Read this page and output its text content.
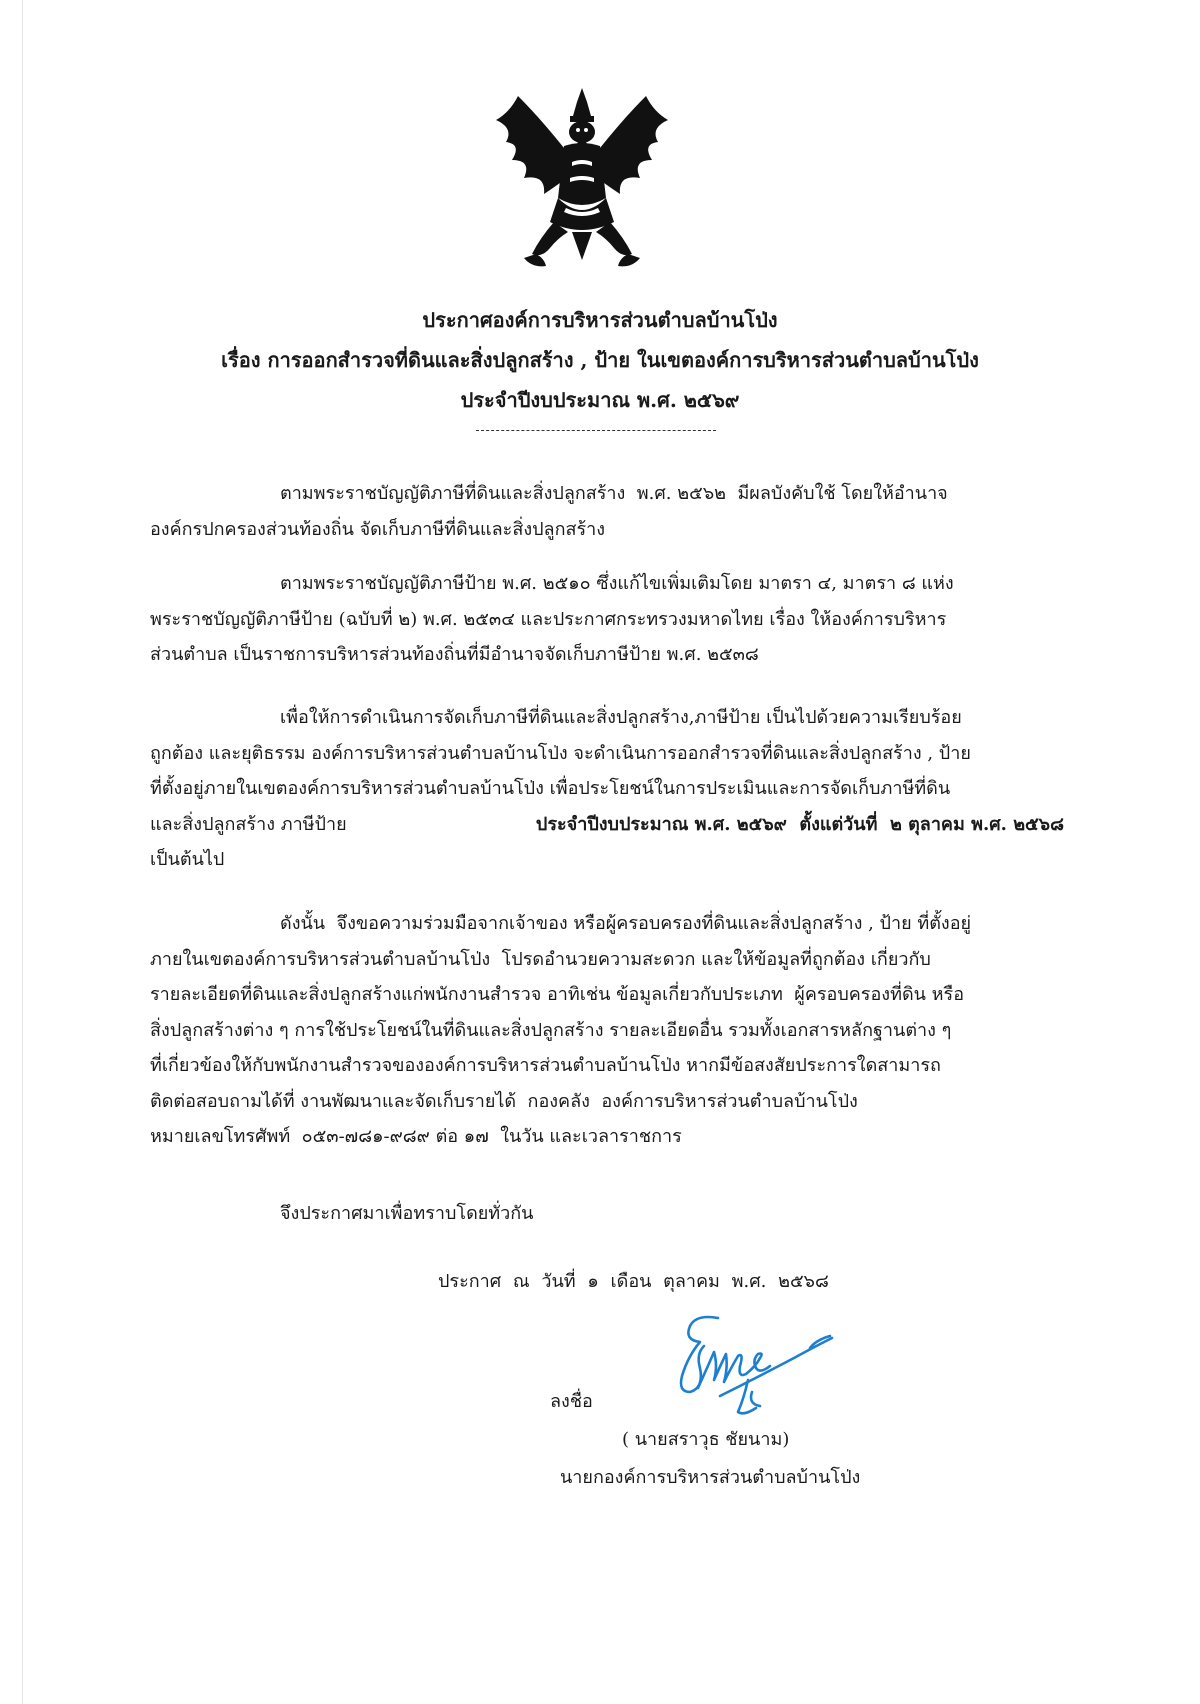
ประกาศองค์การบริหารส่วนตำบลบ้านโป่ง
เรื่อง การออกสำรวจที่ดินและสิ่งปลูกสร้าง , ป้าย ในเขตองค์การบริหารส่วนตำบลบ้านโป่ง
ประจำปีงบประมาณ พ.ศ. ๒๕๖๙
ตามพระราชบัญญัติภาษีที่ดินและสิ่งปลูกสร้าง  พ.ศ. ๒๕๖๒  มีผลบังคับใช้ โดยให้อำนาจ
องค์กรปกครองส่วนท้องถิ่น จัดเก็บภาษีที่ดินและสิ่งปลูกสร้าง
ตามพระราชบัญญัติภาษีป้าย พ.ศ. ๒๕๑๐ ซึ่งแก้ไขเพิ่มเติมโดย มาตรา ๔, มาตรา ๘ แห่ง
พระราชบัญญัติภาษีป้าย (ฉบับที่ ๒) พ.ศ. ๒๕๓๔ และประกาศกระทรวงมหาดไทย เรื่อง ให้องค์การบริหาร
ส่วนตำบล เป็นราชการบริหารส่วนท้องถิ่นที่มีอำนาจจัดเก็บภาษีป้าย พ.ศ. ๒๕๓๘
เพื่อให้การดำเนินการจัดเก็บภาษีที่ดินและสิ่งปลูกสร้าง,ภาษีป้าย เป็นไปด้วยความเรียบร้อย
ถูกต้อง และยุติธรรม องค์การบริหารส่วนตำบลบ้านโป่ง จะดำเนินการออกสำรวจที่ดินและสิ่งปลูกสร้าง , ป้าย
ที่ตั้งอยู่ภายในเขตองค์การบริหารส่วนตำบลบ้านโป่ง เพื่อประโยชน์ในการประเมินและการจัดเก็บภาษีที่ดิน
และสิ่งปลูกสร้าง ภาษีป้าย	ประจำปีงบประมาณ พ.ศ. ๒๕๖๙  ตั้งแต่วันที่  ๒ ตุลาคม พ.ศ. ๒๕๖๘
เป็นต้นไป
ดังนั้น  จึงขอความร่วมมือจากเจ้าของ หรือผู้ครอบครองที่ดินและสิ่งปลูกสร้าง , ป้าย ที่ตั้งอยู่
ภายในเขตองค์การบริหารส่วนตำบลบ้านโป่ง  โปรดอำนวยความสะดวก และให้ข้อมูลที่ถูกต้อง เกี่ยวกับ
รายละเอียดที่ดินและสิ่งปลูกสร้างแก่พนักงานสำรวจ อาทิเช่น ข้อมูลเกี่ยวกับประเภท  ผู้ครอบครองที่ดิน หรือ
สิ่งปลูกสร้างต่าง ๆ การใช้ประโยชน์ในที่ดินและสิ่งปลูกสร้าง รายละเอียดอื่น รวมทั้งเอกสารหลักฐานต่าง ๆ
ที่เกี่ยวข้องให้กับพนักงานสำรวจขององค์การบริหารส่วนตำบลบ้านโป่ง หากมีข้อสงสัยประการใดสามารถ
ติดต่อสอบถามได้ที่ งานพัฒนาและจัดเก็บรายได้  กองคลัง  องค์การบริหารส่วนตำบลบ้านโป่ง
หมายเลขโทรศัพท์  ๐๕๓-๗๘๑-๙๘๙ ต่อ ๑๗  ในวัน และเวลาราชการ
จึงประกาศมาเพื่อทราบโดยทั่วกัน
ประกาศ ณ วันที่ ๑ เดือน ตุลาคม พ.ศ. ๒๕๖๘
ลงชื่อ
( นายสราวุธ ชัยนาม)
นายกองค์การบริหารส่วนตำบลบ้านโป่ง
